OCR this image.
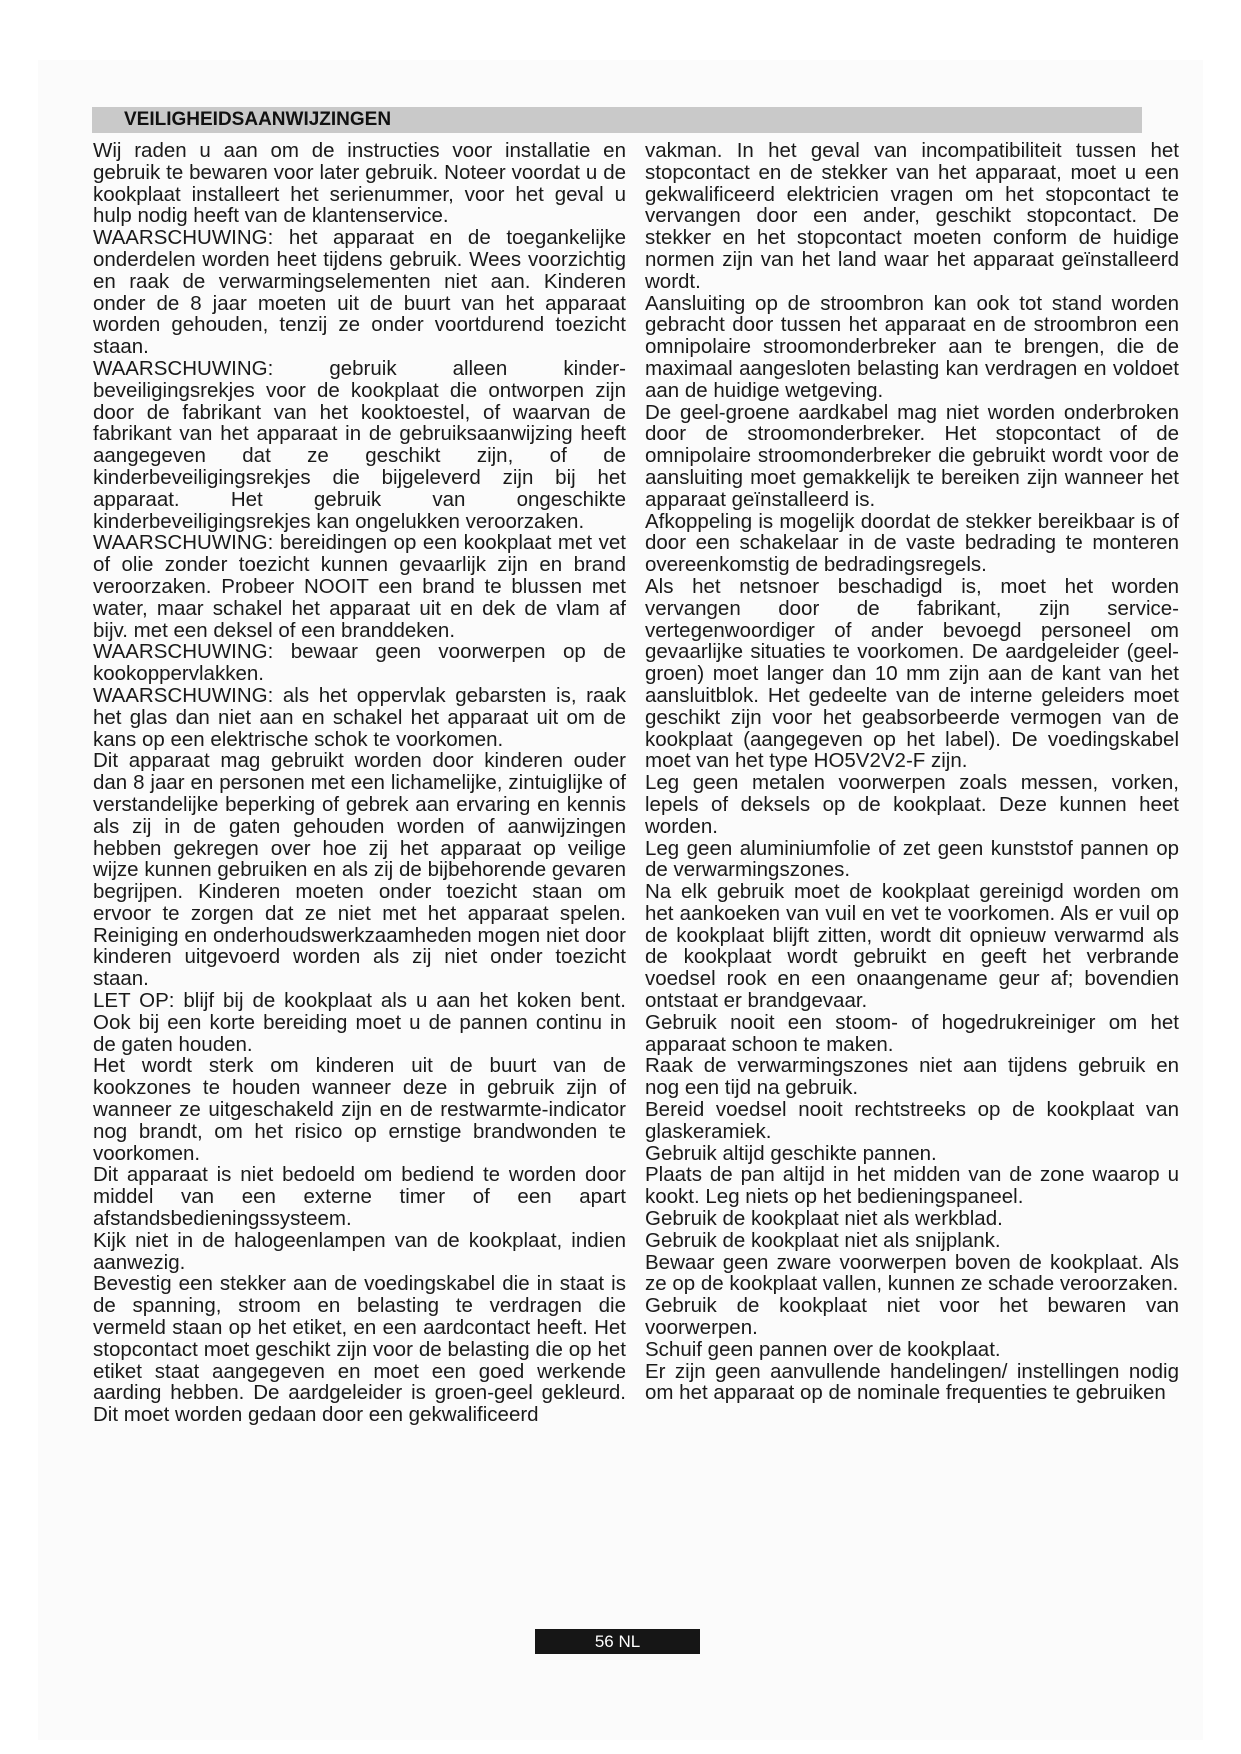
VEILIGHEIDSAANWIJZINGEN

Wij raden u aan om de instructies voor installatie en gebruik te bewaren voor later gebruik. Noteer voordat u de kookplaat installeert het serienummer, voor het geval u hulp nodig heeft van de klantenservice.

WAARSCHUWING: het apparaat en de toegankelijke onderdelen worden heet tijdens gebruik. Wees voorzichtig en raak de verwarmingselementen niet aan. Kinderen onder de 8 jaar moeten uit de buurt van het apparaat worden gehouden, tenzij ze onder voortdurend toezicht staan.

WAARSCHUWING: gebruik alleen kinder-beveiligingsrekjes voor de kookplaat die ontworpen zijn door de fabrikant van het kooktoestel, of waarvan de fabrikant van het apparaat in de gebruiksaanwijzing heeft aangegeven dat ze geschikt zijn, of de kinderbeveiligingsrekjes die bijgeleverd zijn bij het apparaat. Het gebruik van ongeschikte kinderbeveiligingsrekjes kan ongelukken veroorzaken.

WAARSCHUWING: bereidingen op een kookplaat met vet of olie zonder toezicht kunnen gevaarlijk zijn en brand veroorzaken. Probeer NOOIT een brand te blussen met water, maar schakel het apparaat uit en dek de vlam af bijv. met een deksel of een branddeken.

WAARSCHUWING: bewaar geen voorwerpen op de kookoppervlakken.

WAARSCHUWING: als het oppervlak gebarsten is, raak het glas dan niet aan en schakel het apparaat uit om de kans op een elektrische schok te voorkomen.

Dit apparaat mag gebruikt worden door kinderen ouder dan 8 jaar en personen met een lichamelijke, zintuiglijke of verstandelijke beperking of gebrek aan ervaring en kennis als zij in de gaten gehouden worden of aanwijzingen hebben gekregen over hoe zij het apparaat op veilige wijze kunnen gebruiken en als zij de bijbehorende gevaren begrijpen. Kinderen moeten onder toezicht staan om ervoor te zorgen dat ze niet met het apparaat spelen. Reiniging en onderhoudswerkzaamheden mogen niet door kinderen uitgevoerd worden als zij niet onder toezicht staan.

LET OP: blijf bij de kookplaat als u aan het koken bent. Ook bij een korte bereiding moet u de pannen continu in de gaten houden.

Het wordt sterk om kinderen uit de buurt van de kookzones te houden wanneer deze in gebruik zijn of wanneer ze uitgeschakeld zijn en de restwarmte-indicator nog brandt, om het risico op ernstige brandwonden te voorkomen.

Dit apparaat is niet bedoeld om bediend te worden door middel van een externe timer of een apart afstandsbedieningssysteem.

Kijk niet in de halogeenlampen van de kookplaat, indien aanwezig.

Bevestig een stekker aan de voedingskabel die in staat is de spanning, stroom en belasting te verdragen die vermeld staan op het etiket, en een aardcontact heeft. Het stopcontact moet geschikt zijn voor de belasting die op het etiket staat aangegeven en moet een goed werkende aarding hebben. De aardgeleider is groen-geel gekleurd. Dit moet worden gedaan door een gekwalificeerd

vakman. In het geval van incompatibiliteit tussen het stopcontact en de stekker van het apparaat, moet u een gekwalificeerd elektricien vragen om het stopcontact te vervangen door een ander, geschikt stopcontact. De stekker en het stopcontact moeten conform de huidige normen zijn van het land waar het apparaat geïnstalleerd wordt.

Aansluiting op de stroombron kan ook tot stand worden gebracht door tussen het apparaat en de stroombron een omnipolaire stroomonderbreker aan te brengen, die de maximaal aangesloten belasting kan verdragen en voldoet aan de huidige wetgeving.

De geel-groene aardkabel mag niet worden onderbroken door de stroomonderbreker. Het stopcontact of de omnipolaire stroomonderbreker die gebruikt wordt voor de aansluiting moet gemakkelijk te bereiken zijn wanneer het apparaat geïnstalleerd is.

Afkoppeling is mogelijk doordat de stekker bereikbaar is of door een schakelaar in de vaste bedrading te monteren overeenkomstig de bedradingsregels.

Als het netsnoer beschadigd is, moet het worden vervangen door de fabrikant, zijn service-vertegenwoordiger of ander bevoegd personeel om gevaarlijke situaties te voorkomen. De aardgeleider (geel-groen) moet langer dan 10 mm zijn aan de kant van het aansluitblok. Het gedeelte van de interne geleiders moet geschikt zijn voor het geabsorbeerde vermogen van de kookplaat (aangegeven op het label). De voedingskabel moet van het type HO5V2V2-F zijn.

Leg geen metalen voorwerpen zoals messen, vorken, lepels of deksels op de kookplaat. Deze kunnen heet worden.

Leg geen aluminiumfolie of zet geen kunststof pannen op de verwarmingszones.

Na elk gebruik moet de kookplaat gereinigd worden om het aankoeken van vuil en vet te voorkomen. Als er vuil op de kookplaat blijft zitten, wordt dit opnieuw verwarmd als de kookplaat wordt gebruikt en geeft het verbrande voedsel rook en een onaangename geur af; bovendien ontstaat er brandgevaar.

Gebruik nooit een stoom- of hogedrukreiniger om het apparaat schoon te maken.

Raak de verwarmingszones niet aan tijdens gebruik en nog een tijd na gebruik.

Bereid voedsel nooit rechtstreeks op de kookplaat van glaskeramiek.

Gebruik altijd geschikte pannen.

Plaats de pan altijd in het midden van de zone waarop u kookt. Leg niets op het bedieningspaneel.

Gebruik de kookplaat niet als werkblad.

Gebruik de kookplaat niet als snijplank.

Bewaar geen zware voorwerpen boven de kookplaat. Als ze op de kookplaat vallen, kunnen ze schade veroorzaken.

Gebruik de kookplaat niet voor het bewaren van voorwerpen.

Schuif geen pannen over de kookplaat.

Er zijn geen aanvullende handelingen/ instellingen nodig om het apparaat op de nominale frequenties te gebruiken

56 NL
